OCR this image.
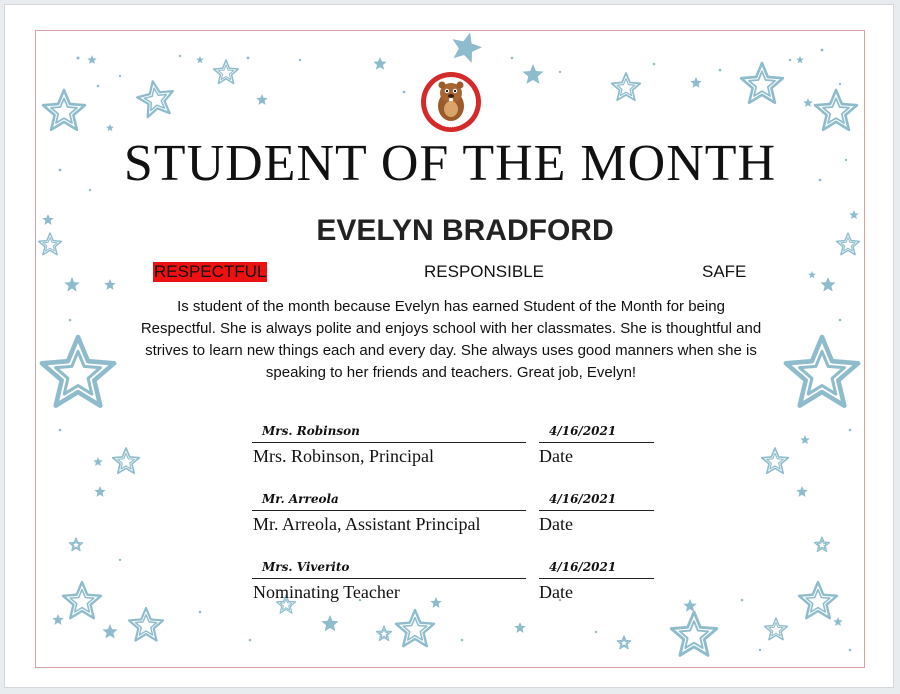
LOWRIE
STUDENT OF THE MONTH
EVELYN BRADFORD
RESPECTFUL	RESPONSIBLE	SAFE
Is student of the month because Evelyn has earned Student of the Month for being Respectful. She is always polite and enjoys school with her classmates. She is thoughtful and strives to learn new things each and every day. She always uses good manners when she is speaking to her friends and teachers. Great job, Evelyn!
Mrs. Robinson
Mrs. Robinson, Principal
4/16/2021
Date
Mr. Arreola
Mr. Arreola, Assistant Principal
4/16/2021
Date
Mrs. Viverito
Nominating Teacher
4/16/2021
Date
